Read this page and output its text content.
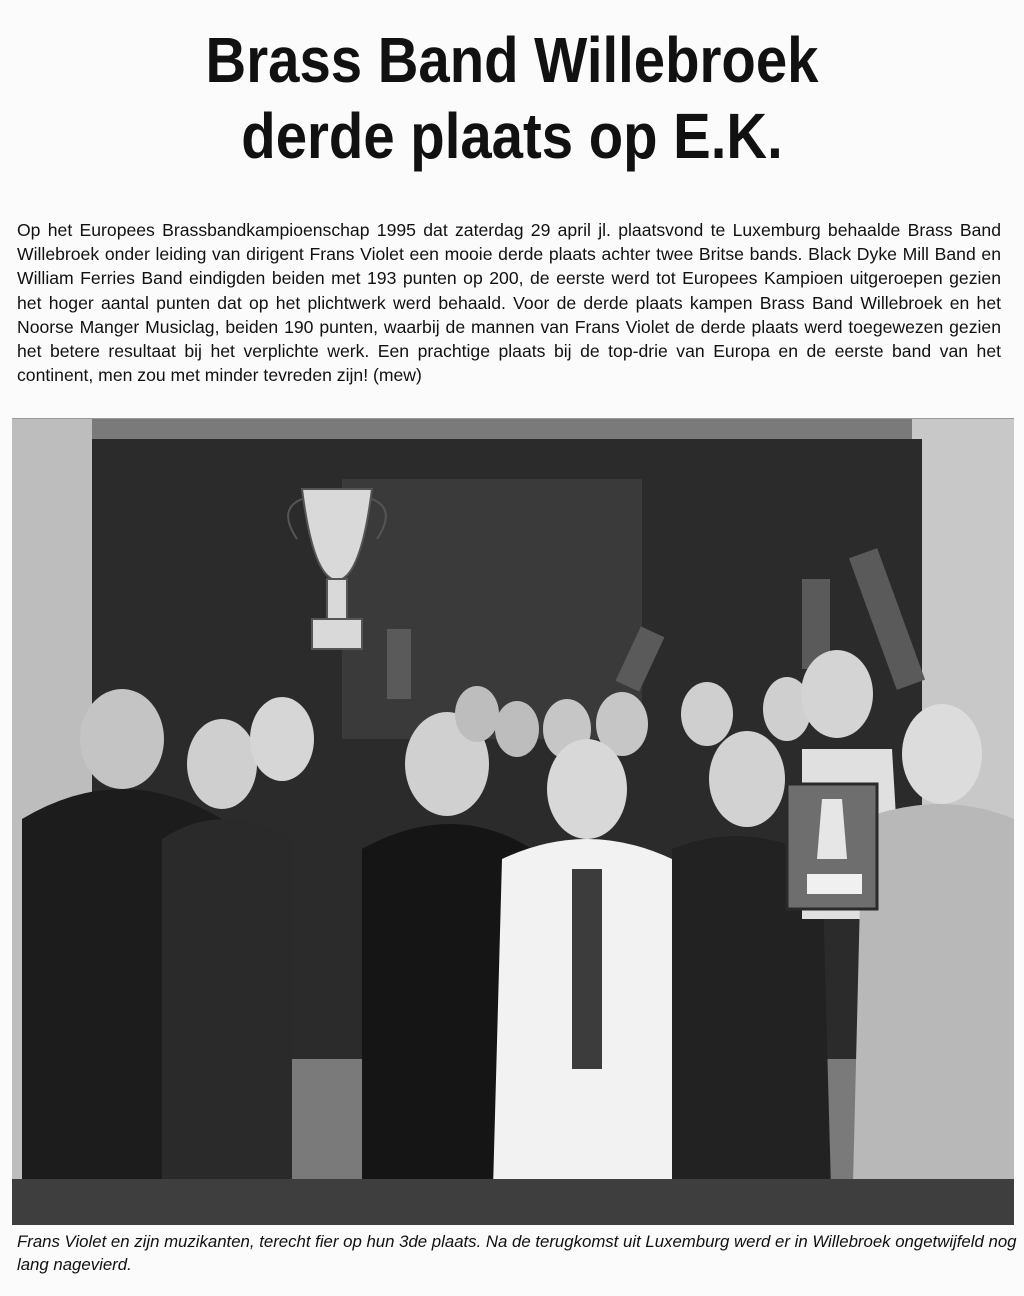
Brass Band Willebroek
derde plaats op E.K.
Op het Europees Brassbandkampioenschap 1995 dat zaterdag 29 april jl. plaatsvond te Luxemburg behaalde Brass Band Willebroek onder leiding van dirigent Frans Violet een mooie derde plaats achter twee Britse bands. Black Dyke Mill Band en William Ferries Band eindigden beiden met 193 punten op 200, de eerste werd tot Europees Kampioen uitgeroepen gezien het hoger aantal punten dat op het plichtwerk werd behaald. Voor de derde plaats kampen Brass Band Willebroek en het Noorse Manger Musiclag, beiden 190 punten, waarbij de mannen van Frans Violet de derde plaats werd toegewezen gezien het betere resultaat bij het verplichte werk. Een prachtige plaats bij de top-drie van Europa en de eerste band van het continent, men zou met minder tevreden zijn! (mew)
Frans Violet en zijn muzikanten, terecht fier op hun 3de plaats. Na de terugkomst uit Luxemburg werd er in Willebroek ongetwijfeld nog lang nagevierd.
